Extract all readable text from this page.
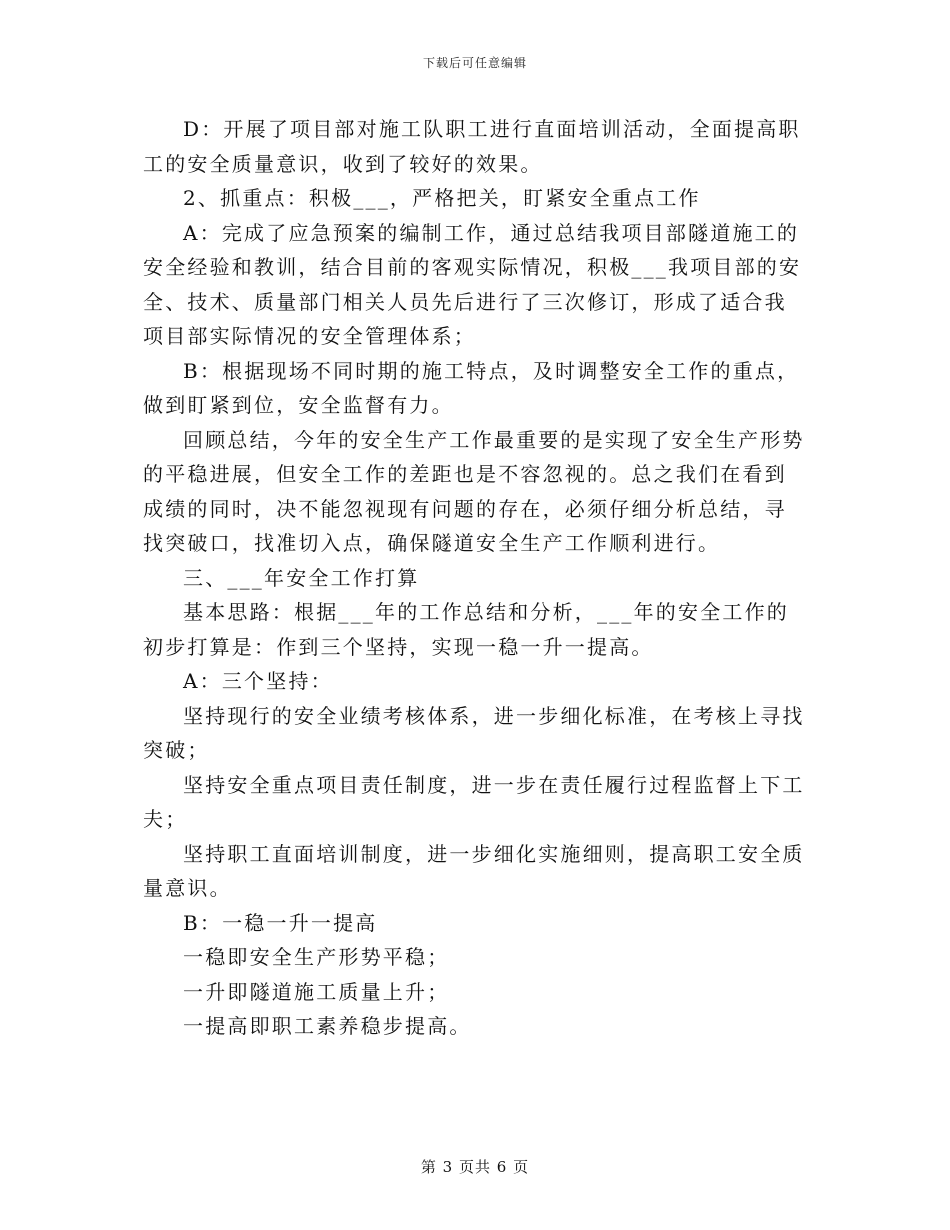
下载后可任意编辑

D：开展了项目部对施工队职工进行直面培训活动，全面提高职工的安全质量意识，收到了较好的效果。

2、抓重点：积极___，严格把关，盯紧安全重点工作

A：完成了应急预案的编制工作，通过总结我项目部隧道施工的安全经验和教训，结合目前的客观实际情况，积极___我项目部的安全、技术、质量部门相关人员先后进行了三次修订，形成了适合我项目部实际情况的安全管理体系；

B：根据现场不同时期的施工特点，及时调整安全工作的重点，做到盯紧到位，安全监督有力。

回顾总结，今年的安全生产工作最重要的是实现了安全生产形势的平稳进展，但安全工作的差距也是不容忽视的。总之我们在看到成绩的同时，决不能忽视现有问题的存在，必须仔细分析总结，寻找突破口，找准切入点，确保隧道安全生产工作顺利进行。

三、___年安全工作打算

基本思路：根据___年的工作总结和分析，___年的安全工作的初步打算是：作到三个坚持，实现一稳一升一提高。

A：三个坚持：

坚持现行的安全业绩考核体系，进一步细化标准，在考核上寻找突破；

坚持安全重点项目责任制度，进一步在责任履行过程监督上下工夫；

坚持职工直面培训制度，进一步细化实施细则，提高职工安全质量意识。

B：一稳一升一提高

一稳即安全生产形势平稳；

一升即隧道施工质量上升；

一提高即职工素养稳步提高。

第 3 页共 6 页
